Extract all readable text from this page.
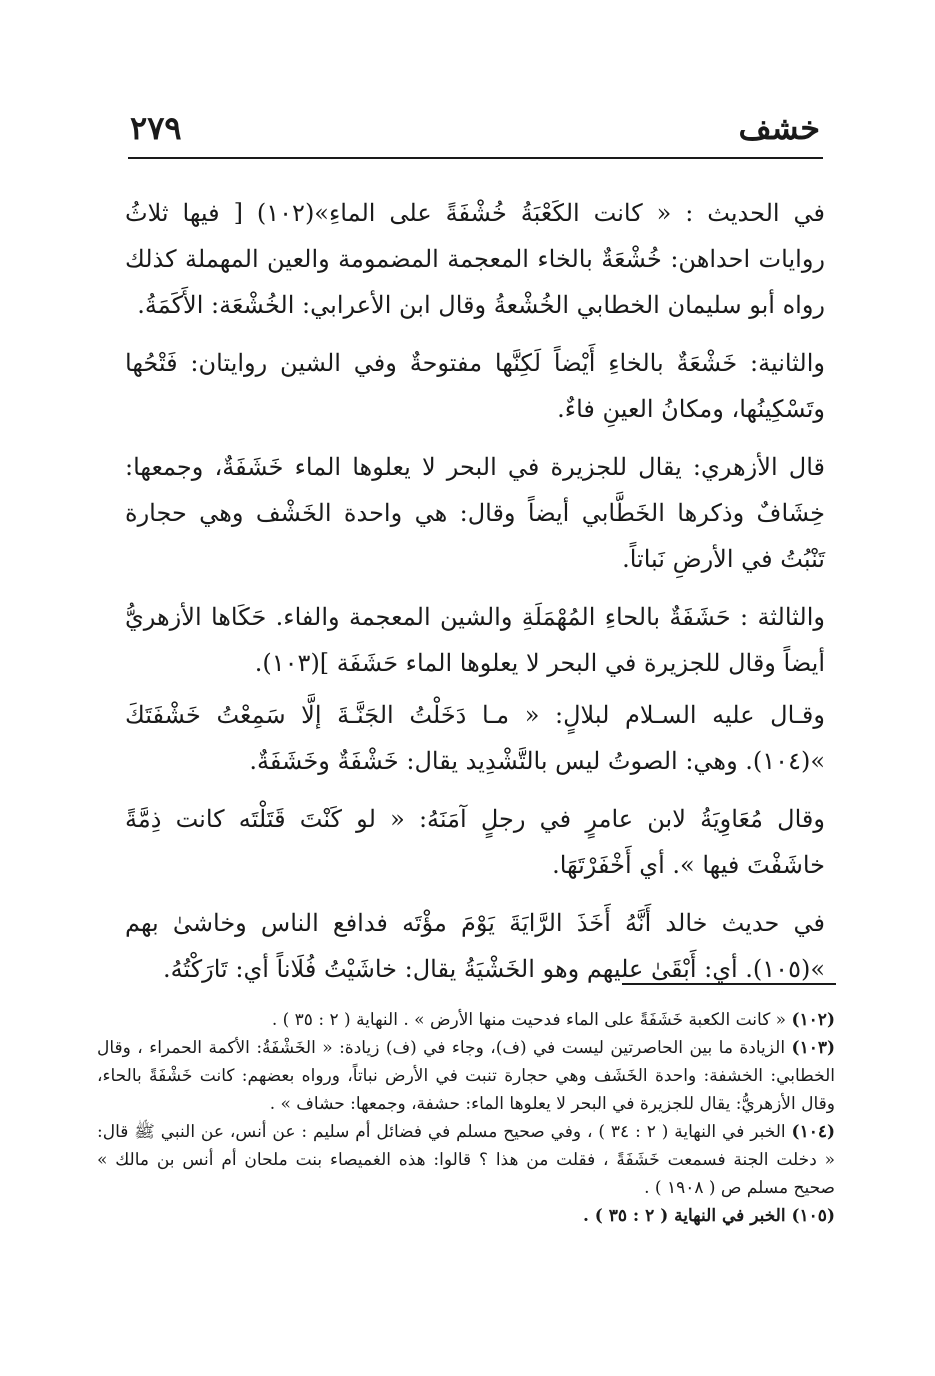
خشف
٢٧٩

في الحديث : « كانت الكَعْبَةُ خُشْفَةً على الماءِ»(١٠٢) [ فيها ثلاثُ روايات احداهن: خُشْعَةٌ بالخاء المعجمة المضمومة والعين المهملة كذلك رواه أبو سليمان الخطابي الخُشْعةُ وقال ابن الأعرابي: الخُشْعَة: الأَكَمَةُ.

والثانية: خَشْعَةٌ بالخاءِ أَيْضاً لَكِنَّها مفتوحةٌ وفي الشين روايتان: فَتْحُها وتَسْكِينُها، ومكانُ العينِ فاءٌ.

قال الأزهري: يقال للجزيرة في البحر لا يعلوها الماء خَشَفَةٌ، وجمعها: خِشَافٌ وذكرها الخَطَّابي أيضاً وقال: هي واحدة الخَشْف وهي حجارة تَنْبُتُ في الأرضِ نَباتاً.

والثالثة : حَشَفَةٌ بالحاءِ المُهْمَلَةِ والشين المعجمة والفاء. حَكَاها الأزهريُّ أيضاً وقال للجزيرة في البحر لا يعلوها الماء حَشَفَة ](١٠٣).

وقـال عليه السـلام لبلالٍ: « مـا دَخَلْتُ الجَنَّـةَ إلَّا سَمِعْتُ خَشْفَتَكَ »(١٠٤). وهي: الصوتُ ليس بالتَّشْدِيد يقال: خَشْفَةٌ وخَشَفَةٌ.

وقال مُعَاوِيَةُ لابن عامرٍ في رجلٍ آمَنَهُ: « لو كَنْتَ قَتَلْتَه كانت ذِمَّةً خاشَفْتَ فيها ». أي أَخْفَرْتَهَا.

في حديث خالد أَنَّهُ أَخَذَ الرَّايَةَ يَوْمَ مؤْتَه فدافع الناس وخاشىٰ بهم »(١٠٥). أي: أَبْقَىٰ عليهم وهو الخَشْيَةُ يقال: خاشَيْتُ فُلَاناً أي: تَارَكْتُهُ.

(١٠٢) « كانت الكعبة خَشَفَةً على الماء فدحيت منها الأرض » . النهاية ( ٢ : ٣٥ ) .

(١٠٣) الزيادة ما بين الحاصرتين ليست في (ف)، وجاء في (ف) زيادة: « الخَشْفَةُ: الأكمة الحمراء ، وقال الخطابي: الخشفة: واحدة الخَشَف وهي حجارة تنبت في الأرض نباتاً، ورواه بعضهم: كانت خَشْفَةً بالحاء، وقال الأزهريُّ: يقال للجزيرة في البحر لا يعلوها الماء: حشفة، وجمعها: حشاف » .

(١٠٤) الخبر في النهاية ( ٢ : ٣٤ ) ، وفي صحيح مسلم في فضائل أم سليم : عن أنس، عن النبي ﷺ قال: « دخلت الجنة فسمعت خَشَفَةً ، فقلت من هذا ؟ قالوا: هذه الغميصاء بنت ملحان أم أنس بن مالك » صحيح مسلم ص ( ١٩٠٨ ) .

(١٠٥) الخبر في النهاية ( ٢ : ٣٥ ) .
